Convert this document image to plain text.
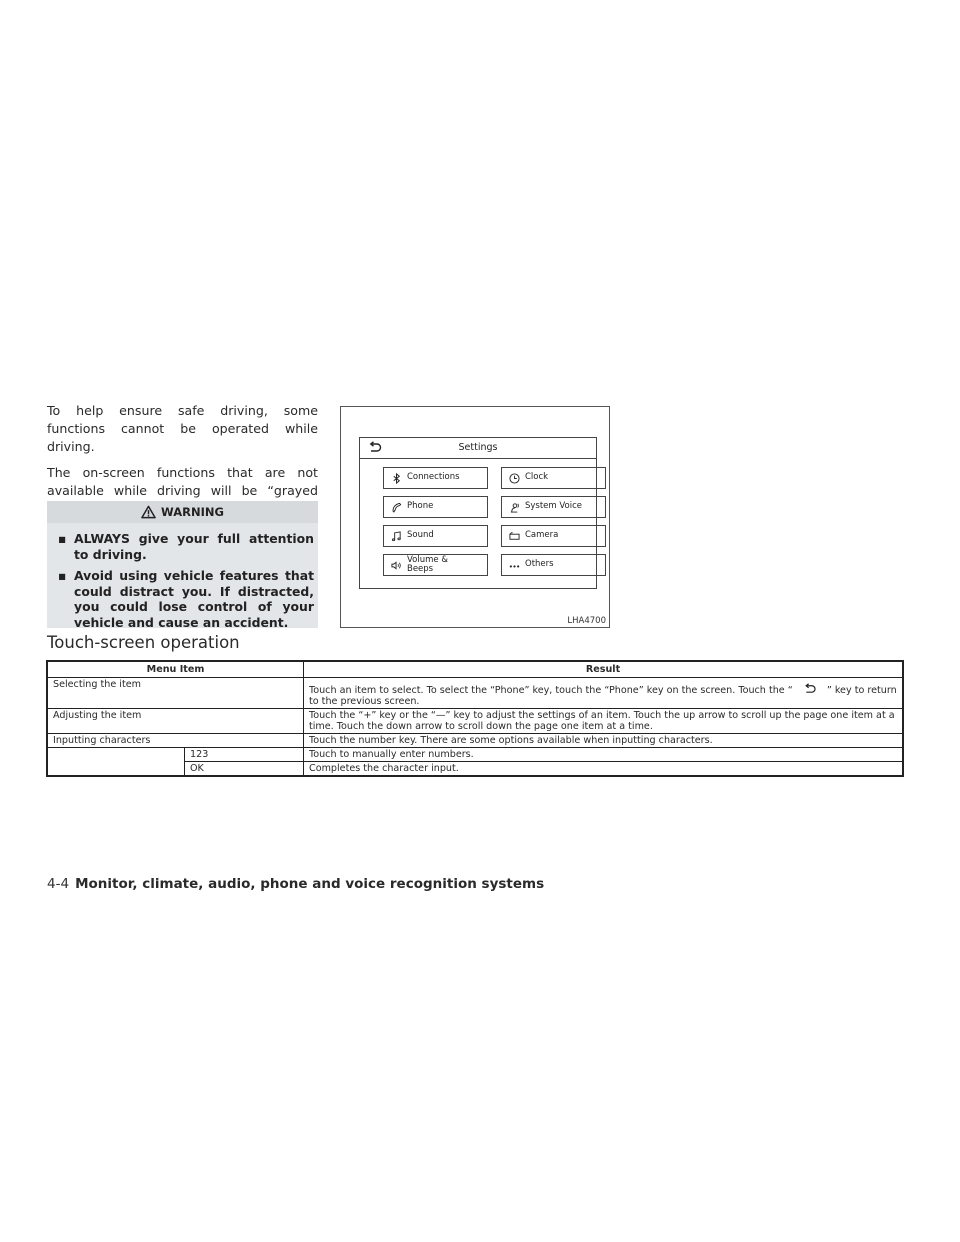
To help ensure safe driving, some functions cannot be operated while driving.

The on-screen functions that are not available while driving will be “grayed

WARNING
▪ ALWAYS give your full attention to driving.
▪ Avoid using vehicle features that could distract you. If distracted, you could lose control of your vehicle and cause an accident.
Settings
Connections	Clock
Phone	System Voice
Sound	Camera
Volume &
Beeps	Others
LHA4700
Touch-screen operation
Menu Item		Result
Selecting the item		Touch an item to select. To select the “Phone” key, touch the “Phone” key on the screen. Touch the “ ” key to return to the previous screen.
Adjusting the item		Touch the “+” key or the “—” key to adjust the settings of an item. Touch the up arrow to scroll up the page one item at a time. Touch the down arrow to scroll down the page one item at a time.
Inputting characters		Touch the number key. There are some options available when inputting characters.
	123	Touch to manually enter numbers.
	OK	Completes the character input.
4-4 Monitor, climate, audio, phone and voice recognition systems
